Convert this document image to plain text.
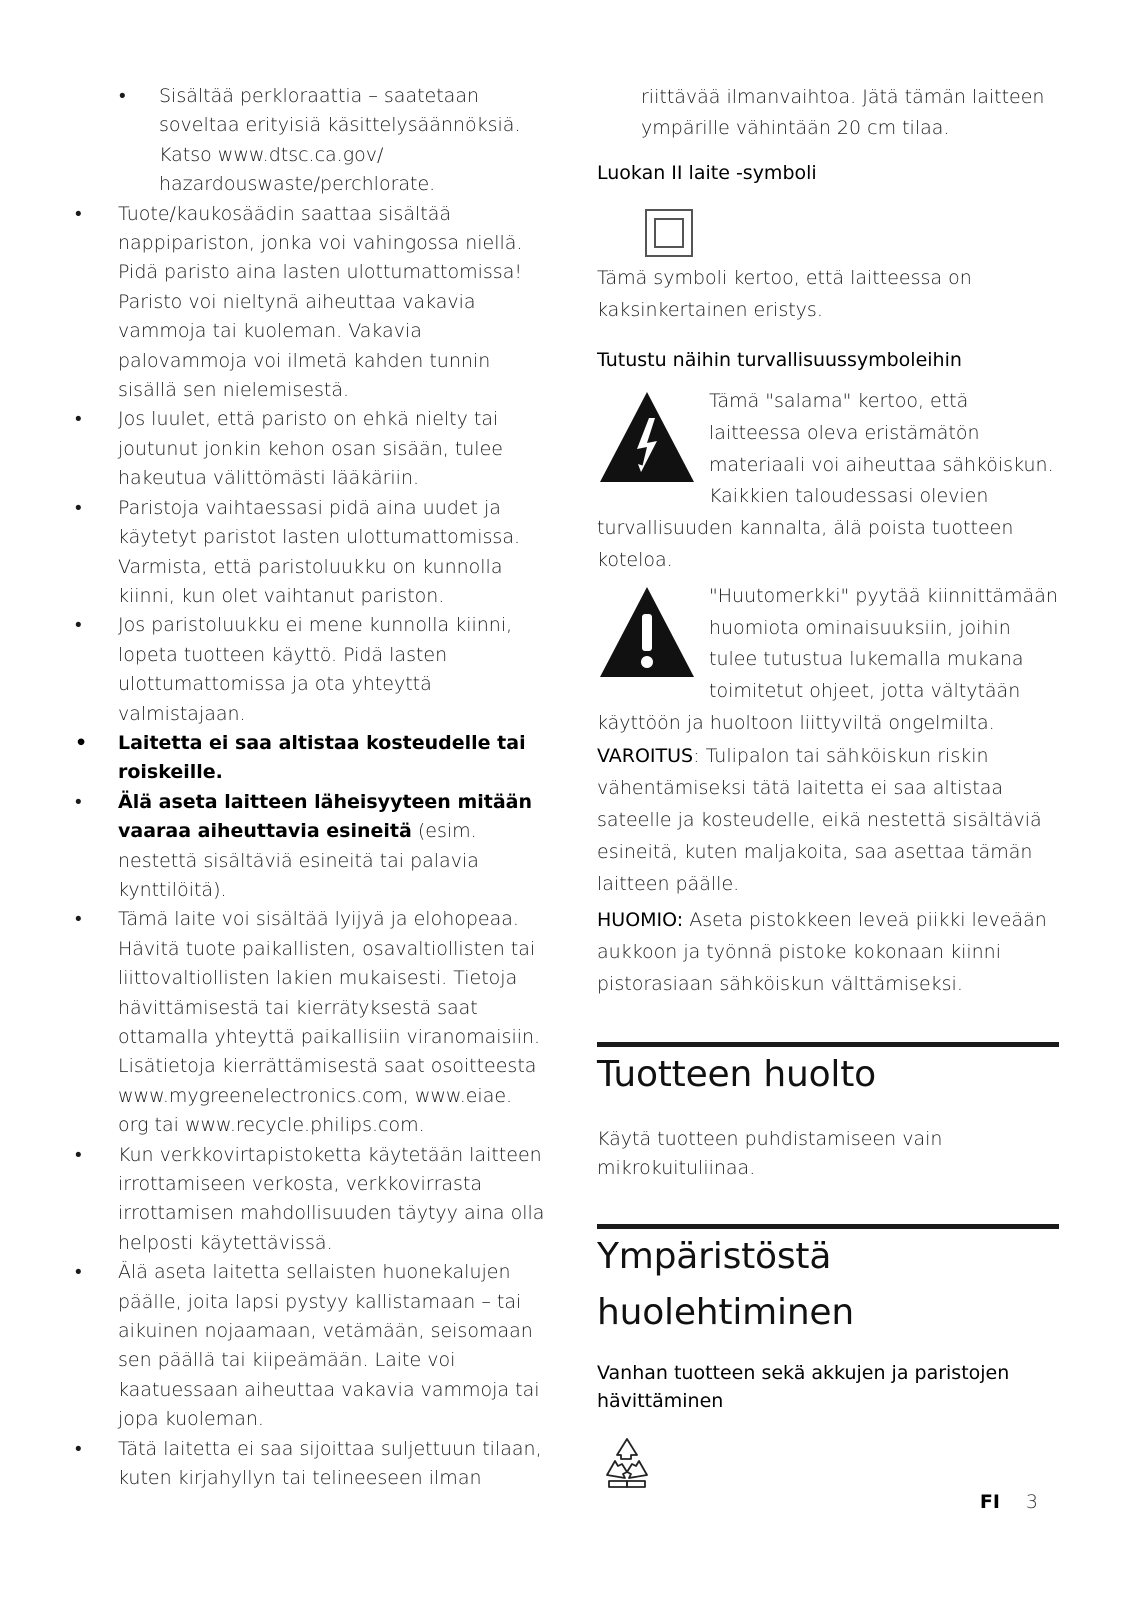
• Sisältää perkloraattia – saatetaan soveltaa erityisiä käsittelysäännöksiä. Katso www.dtsc.ca.gov/ hazardouswaste/perchlorate.
• Tuote/kaukosäädin saattaa sisältää nappipariston, jonka voi vahingossa niellä. Pidä paristo aina lasten ulottumattomissa! Paristo voi nieltynä aiheuttaa vakavia vammoja tai kuoleman. Vakavia palovammoja voi ilmetä kahden tunnin sisällä sen nielemisestä.
• Jos luulet, että paristo on ehkä nielty tai joutunut jonkin kehon osan sisään, tulee hakeutua välittömästi lääkäriin.
• Paristoja vaihtaessasi pidä aina uudet ja käytetyt paristot lasten ulottumattomissa. Varmista, että paristoluukku on kunnolla kiinni, kun olet vaihtanut pariston.
• Jos paristoluukku ei mene kunnolla kiinni, lopeta tuotteen käyttö. Pidä lasten ulottumattomissa ja ota yhteyttä valmistajaan.
• Laitetta ei saa altistaa kosteudelle tai roiskeille.
• Älä aseta laitteen läheisyyteen mitään vaaraa aiheuttavia esineitä (esim. nestettä sisältäviä esineitä tai palavia kynttilöitä).
• Tämä laite voi sisältää lyijyä ja elohopeaa. Hävitä tuote paikallisten, osavaltiollisten tai liittovaltiollisten lakien mukaisesti. Tietoja hävittämisestä tai kierrätyksestä saat ottamalla yhteyttä paikallisiin viranomaisiin. Lisätietoja kierrättämisestä saat osoitteesta www.mygreenelectronics.com, www.eiae. org tai www.recycle.philips.com.
• Kun verkkovirtapistoketta käytetään laitteen irrottamiseen verkosta, verkkovirrasta irrottamisen mahdollisuuden täytyy aina olla helposti käytettävissä.
• Älä aseta laitetta sellaisten huonekalujen päälle, joita lapsi pystyy kallistamaan – tai aikuinen nojaamaan, vetämään, seisomaan sen päällä tai kiipeämään. Laite voi kaatuessaan aiheuttaa vakavia vammoja tai jopa kuoleman.
• Tätä laitetta ei saa sijoittaa suljettuun tilaan, kuten kirjahyllyn tai telineeseen ilman

riittävää ilmanvaihtoa. Jätä tämän laitteen ympärille vähintään 20 cm tilaa.

Luokan II laite -symboli

Tämä symboli kertoo, että laitteessa on kaksinkertainen eristys.

Tutustu näihin turvallisuussymboleihin

Tämä "salama" kertoo, että laitteessa oleva eristämätön materiaali voi aiheuttaa sähköiskun. Kaikkien taloudessasi olevien turvallisuuden kannalta, älä poista tuotteen koteloa.
"Huutomerkki" pyytää kiinnittämään huomiota ominaisuuksiin, joihin tulee tutustua lukemalla mukana toimitetut ohjeet, jotta vältytään käyttöön ja huoltoon liittyviltä ongelmilta.

VAROITUS: Tulipalon tai sähköiskun riskin vähentämiseksi tätä laitetta ei saa altistaa sateelle ja kosteudelle, eikä nestettä sisältäviä esineitä, kuten maljakoita, saa asettaa tämän laitteen päälle.

HUOMIO: Aseta pistokkeen leveä piikki leveään aukkoon ja työnnä pistoke kokonaan kiinni pistorasiaan sähköiskun välttämiseksi.

Tuotteen huolto

Käytä tuotteen puhdistamiseen vain mikrokuituliinaa.

Ympäristöstä huolehtiminen

Vanhan tuotteen sekä akkujen ja paristojen hävittäminen

FI 3
